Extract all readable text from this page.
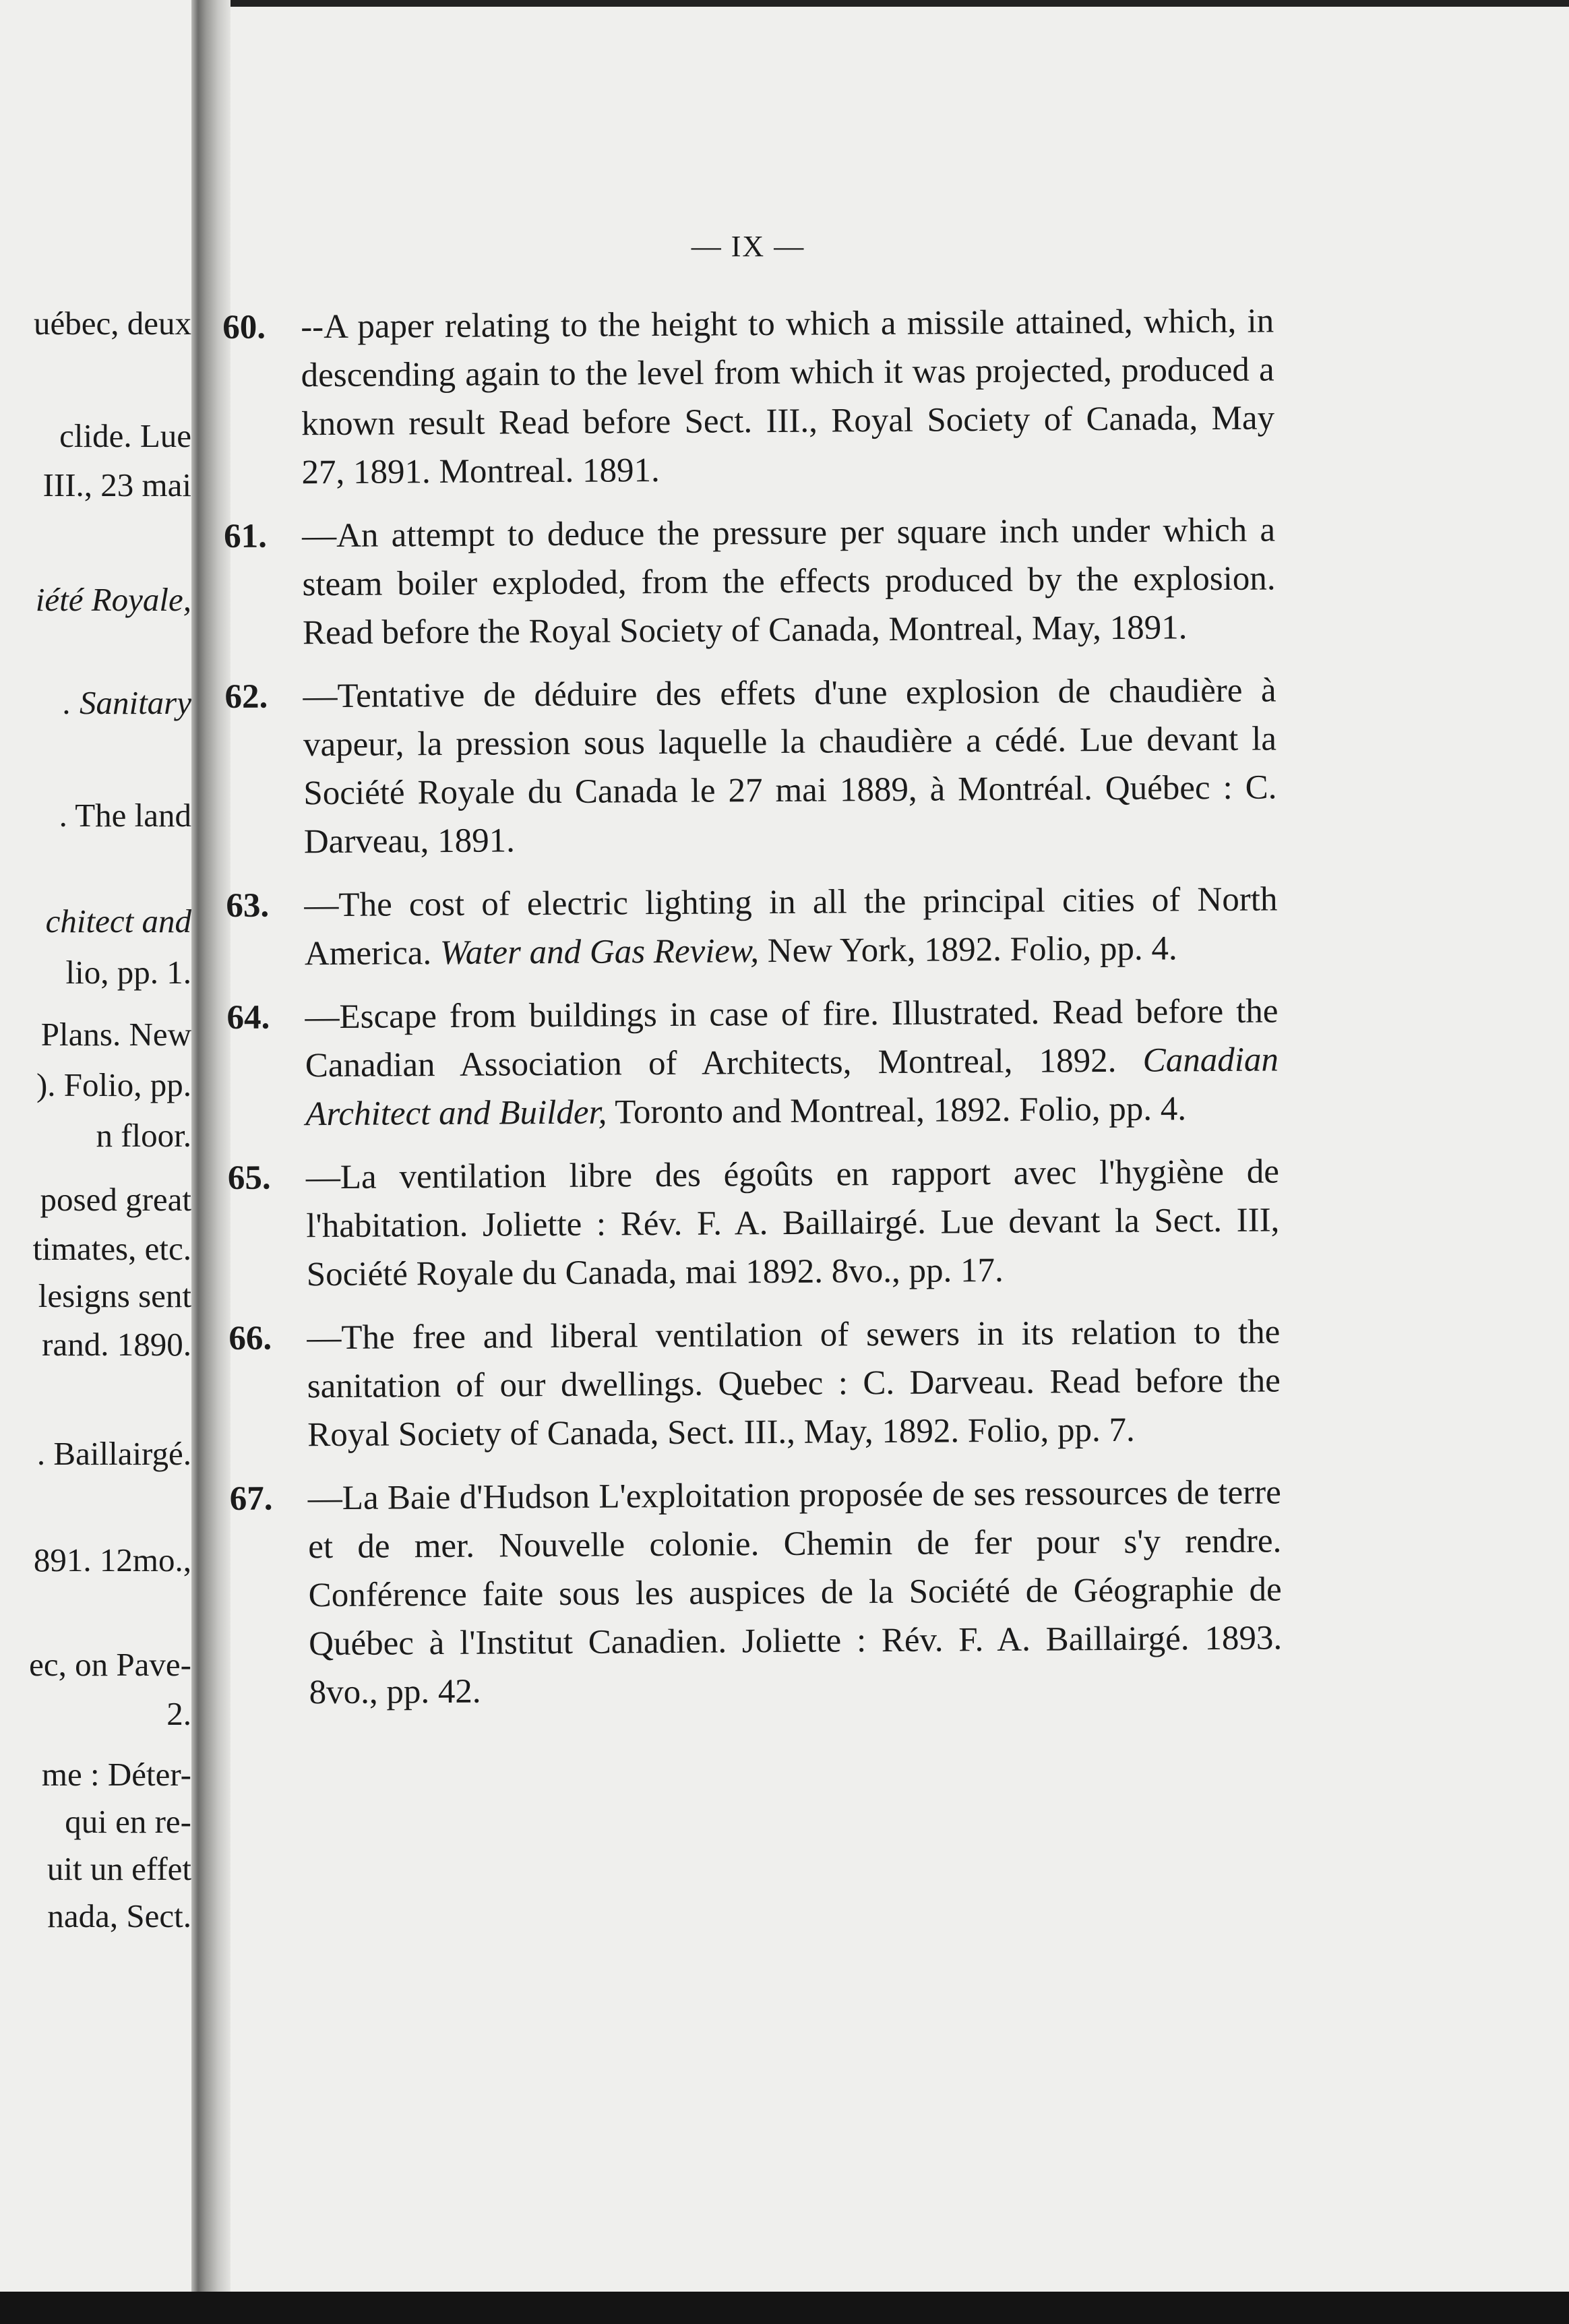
uébec, deux
clide. Lue
III., 23 mai
iété Royale,
. Sanitary
. The land
chitect and
lio, pp. 1.
Plans. New
). Folio, pp.
n floor.
posed great
timates, etc.
lesigns sent
rand. 1890.
. Baillairgé.
891. 12mo.,
ec, on Pave-
2.
me : Déter-
qui en re-
uit un effet
nada, Sect.
— IX —
60. --A paper relating to the height to which a missile attained, which, in descending again to the level from which it was projected, produced a known result Read before Sect. III., Royal Society of Canada, May 27, 1891. Montreal. 1891.
61. —An attempt to deduce the pressure per square inch under which a steam boiler exploded, from the effects produced by the explosion. Read before the Royal Society of Canada, Montreal, May, 1891.
62. —Tentative de déduire des effets d'une explosion de chaudière à vapeur, la pression sous laquelle la chaudière a cédé. Lue devant la Société Royale du Canada le 27 mai 1889, à Montréal. Québec : C. Darveau, 1891.
63. —The cost of electric lighting in all the principal cities of North America. Water and Gas Review, New York, 1892. Folio, pp. 4.
64. —Escape from buildings in case of fire. Illustrated. Read before the Canadian Association of Architects, Montreal, 1892. Canadian Architect and Builder, Toronto and Montreal, 1892. Folio, pp. 4.
65. —La ventilation libre des égoûts en rapport avec l'hygiène de l'habitation. Joliette : Rév. F. A. Baillairgé. Lue devant la Sect. III, Société Royale du Canada, mai 1892. 8vo., pp. 17.
66. —The free and liberal ventilation of sewers in its relation to the sanitation of our dwellings. Quebec : C. Darveau. Read before the Royal Society of Canada, Sect. III., May, 1892. Folio, pp. 7.
67. —La Baie d'Hudson L'exploitation proposée de ses ressources de terre et de mer. Nouvelle colonie. Chemin de fer pour s'y rendre. Conférence faite sous les auspices de la Société de Géographie de Québec à l'Institut Canadien. Joliette : Rév. F. A. Baillairgé. 1893. 8vo., pp. 42.
